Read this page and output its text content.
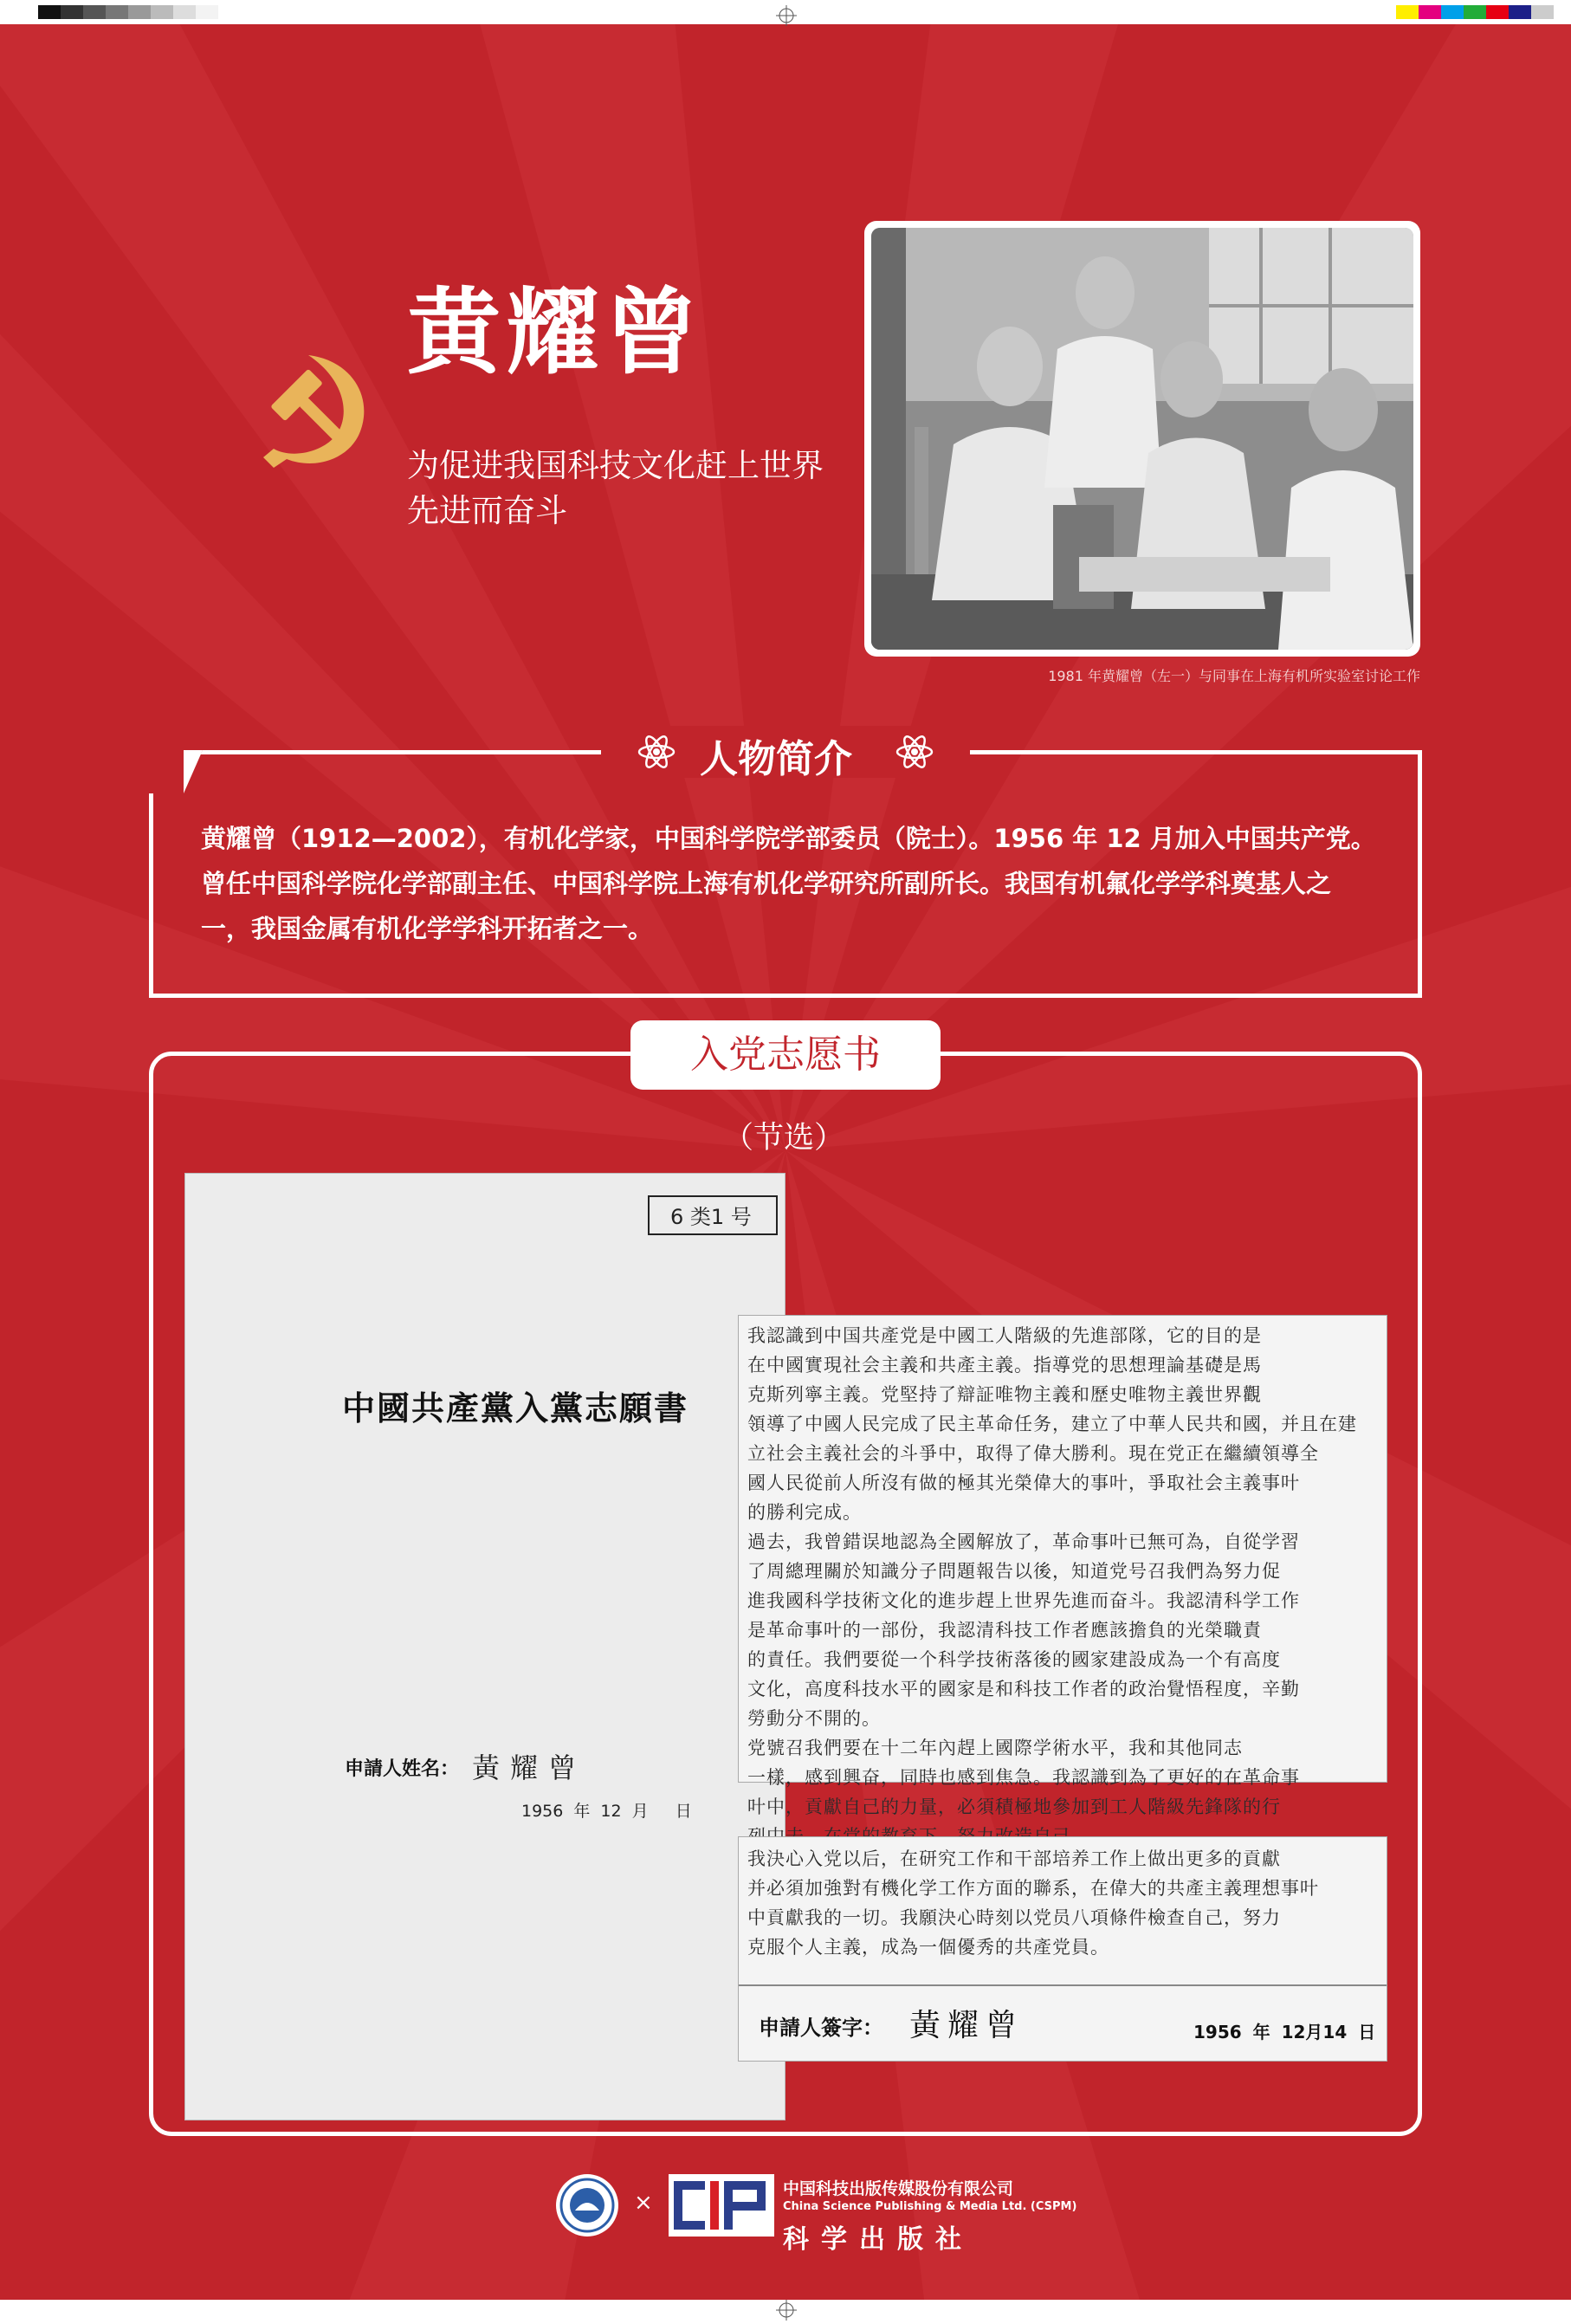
黄耀曾
为促进我国科技文化赶上世界
先进而奋斗
1981 年黄耀曾（左一）与同事在上海有机所实验室讨论工作
人物简介
黄耀曾（1912—2002），有机化学家，中国科学院学部委员（院士）。1956 年 12 月加入中国共产党。曾任中国科学院化学部副主任、中国科学院上海有机化学研究所副所长。我国有机氟化学学科奠基人之一，我国金属有机化学学科开拓者之一。
入党志愿书
（节选）
6 类1 号
中國共產黨入黨志願書
申請人姓名： 黃耀曾
1956 年 12 月　 日
我認識到中国共產党是中國工人階級的先進部隊，它的目的是
在中國實現社会主義和共產主義。指導党的思想理論基礎是馬
克斯列寧主義。党堅持了辯証唯物主義和歷史唯物主義世界觀
領導了中國人民完成了民主革命任务，建立了中華人民共和國，并且在建
立社会主義社会的斗爭中，取得了偉大勝利。現在党正在繼續領導全
國人民從前人所沒有做的極其光榮偉大的事叶，爭取社会主義事叶
的勝利完成。
過去，我曾錯误地認為全國解放了，革命事叶已無可為，自從学習
了周總理關於知識分子問題報告以後，知道党号召我們為努力促
進我國科学技術文化的進步趕上世界先進而奋斗。我認清科学工作
是革命事叶的一部份，我認清科技工作者應該擔負的光榮職責
的責任。我們要從一个科学技術落後的國家建設成為一个有高度
文化，高度科技水平的國家是和科技工作者的政治覺悟程度，辛勤
勞動分不開的。
党號召我們要在十二年內趕上國際学術水平，我和其他同志
一樣，感到興奋，同時也感到焦急。我認識到為了更好的在革命事
叶中，貢獻自己的力量，必須積極地參加到工人階級先鋒隊的行
我決心入党以后，在研究工作和干部培养工作上做出更多的貢獻
并必須加強對有機化学工作方面的聯系，在偉大的共產主義理想事叶
中貢獻我的一切。我願決心時刻以党员八項條件檢查自己，努力
克服个人主義，成為一個優秀的共產党員。
申請人簽字： 黃耀曾	1956 年 12月14 日
×
中国科技出版传媒股份有限公司
China Science Publishing & Media Ltd. (CSPM)
科学出版社
